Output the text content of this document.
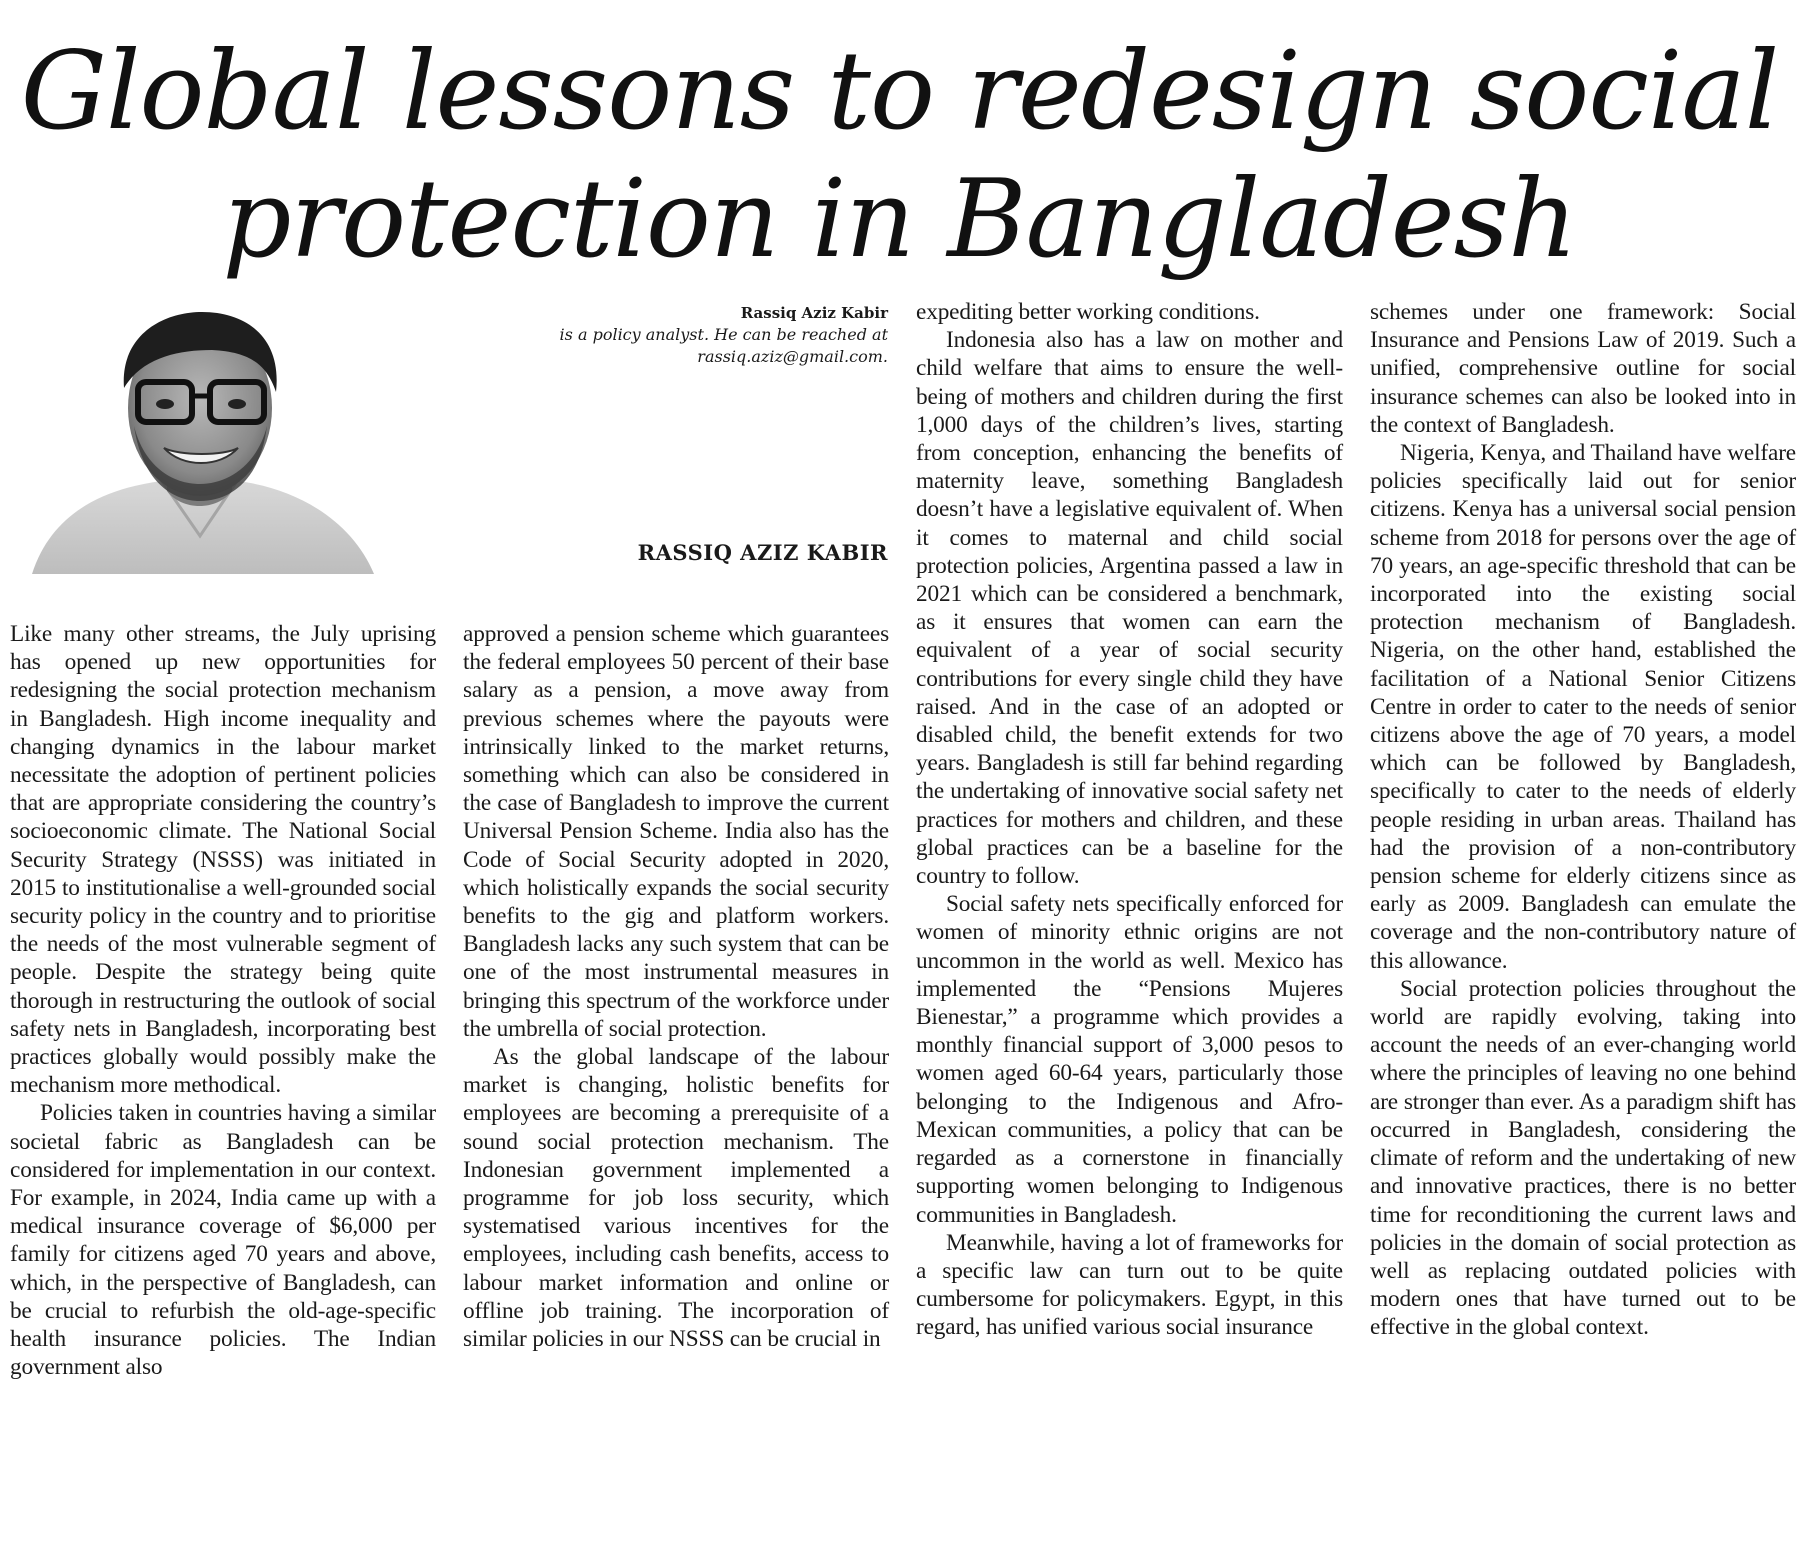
Global lessons to redesign social protection in Bangladesh

Rassiq Aziz Kabir

is a policy analyst. He can be reached at rassiq.aziz@gmail.com.

RASSIQ AZIZ KABIR

Like many other streams, the July uprising has opened up new opportunities for redesigning the social protection mechanism in Bangladesh. High income inequality and changing dynamics in the labour market necessitate the adoption of pertinent policies that are appropriate considering the country’s socioeconomic climate. The National Social Security Strategy (NSSS) was initiated in 2015 to institutionalise a well-grounded social security policy in the country and to prioritise the needs of the most vulnerable segment of people. Despite the strategy being quite thorough in restructuring the outlook of social safety nets in Bangladesh, incorporating best practices globally would possibly make the mechanism more methodical.

Policies taken in countries having a similar societal fabric as Bangladesh can be considered for implementation in our context. For example, in 2024, India came up with a medical insurance coverage of $6,000 per family for citizens aged 70 years and above, which, in the perspective of Bangladesh, can be crucial to refurbish the old-age-specific health insurance policies. The Indian government also

approved a pension scheme which guarantees the federal employees 50 percent of their base salary as a pension, a move away from previous schemes where the payouts were intrinsically linked to the market returns, something which can also be considered in the case of Bangladesh to improve the current Universal Pension Scheme. India also has the Code of Social Security adopted in 2020, which holistically expands the social security benefits to the gig and platform workers. Bangladesh lacks any such system that can be one of the most instrumental measures in bringing this spectrum of the workforce under the umbrella of social protection.

As the global landscape of the labour market is changing, holistic benefits for employees are becoming a prerequisite of a sound social protection mechanism. The Indonesian government implemented a programme for job loss security, which systematised various incentives for the employees, including cash benefits, access to labour market information and online or offline job training. The incorporation of similar policies in our NSSS can be crucial in

expediting better working conditions.

Indonesia also has a law on mother and child welfare that aims to ensure the well-being of mothers and children during the first 1,000 days of the children’s lives, starting from conception, enhancing the benefits of maternity leave, something Bangladesh doesn’t have a legislative equivalent of. When it comes to maternal and child social protection policies, Argentina passed a law in 2021 which can be considered a benchmark, as it ensures that women can earn the equivalent of a year of social security contributions for every single child they have raised. And in the case of an adopted or disabled child, the benefit extends for two years. Bangladesh is still far behind regarding the undertaking of innovative social safety net practices for mothers and children, and these global practices can be a baseline for the country to follow.

Social safety nets specifically enforced for women of minority ethnic origins are not uncommon in the world as well. Mexico has implemented the “Pensions Mujeres Bienestar,” a programme which provides a monthly financial support of 3,000 pesos to women aged 60-64 years, particularly those belonging to the Indigenous and Afro-Mexican communities, a policy that can be regarded as a cornerstone in financially supporting women belonging to Indigenous communities in Bangladesh.

Meanwhile, having a lot of frameworks for a specific law can turn out to be quite cumbersome for policymakers. Egypt, in this regard, has unified various social insurance

schemes under one framework: Social Insurance and Pensions Law of 2019. Such a unified, comprehensive outline for social insurance schemes can also be looked into in the context of Bangladesh.

Nigeria, Kenya, and Thailand have welfare policies specifically laid out for senior citizens. Kenya has a universal social pension scheme from 2018 for persons over the age of 70 years, an age-specific threshold that can be incorporated into the existing social protection mechanism of Bangladesh. Nigeria, on the other hand, established the facilitation of a National Senior Citizens Centre in order to cater to the needs of senior citizens above the age of 70 years, a model which can be followed by Bangladesh, specifically to cater to the needs of elderly people residing in urban areas. Thailand has had the provision of a non-contributory pension scheme for elderly citizens since as early as 2009. Bangladesh can emulate the coverage and the non-contributory nature of this allowance.

Social protection policies throughout the world are rapidly evolving, taking into account the needs of an ever-changing world where the principles of leaving no one behind are stronger than ever. As a paradigm shift has occurred in Bangladesh, considering the climate of reform and the undertaking of new and innovative practices, there is no better time for reconditioning the current laws and policies in the domain of social protection as well as replacing outdated policies with modern ones that have turned out to be effective in the global context.
